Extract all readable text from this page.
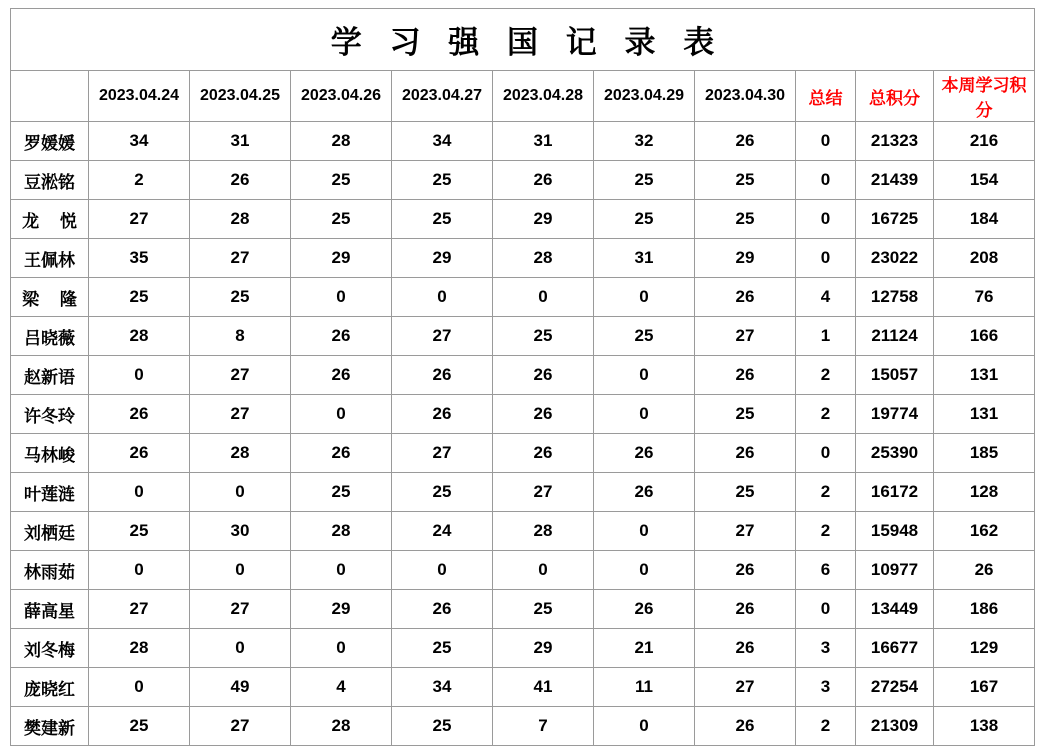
学 习 强 国 记 录 表										
	2023.04.24	2023.04.25	2023.04.26	2023.04.27	2023.04.28	2023.04.29	2023.04.30	总结	总积分	本周学习积分
罗媛媛	34	31	28	34	31	32	26	0	21323	216
豆淞铭	2	26	25	25	26	25	25	0	21439	154
龙 悦	27	28	25	25	29	25	25	0	16725	184
王佩林	35	27	29	29	28	31	29	0	23022	208
梁 隆	25	25	0	0	0	0	26	4	12758	76
吕晓薇	28	8	26	27	25	25	27	1	21124	166
赵新语	0	27	26	26	26	0	26	2	15057	131
许冬玲	26	27	0	26	26	0	25	2	19774	131
马林峻	26	28	26	27	26	26	26	0	25390	185
叶莲涟	0	0	25	25	27	26	25	2	16172	128
刘栖廷	25	30	28	24	28	0	27	2	15948	162
林雨茹	0	0	0	0	0	0	26	6	10977	26
薛高星	27	27	29	26	25	26	26	0	13449	186
刘冬梅	28	0	0	25	29	21	26	3	16677	129
庞晓红	0	49	4	34	41	11	27	3	27254	167
樊建新	25	27	28	25	7	0	26	2	21309	138
